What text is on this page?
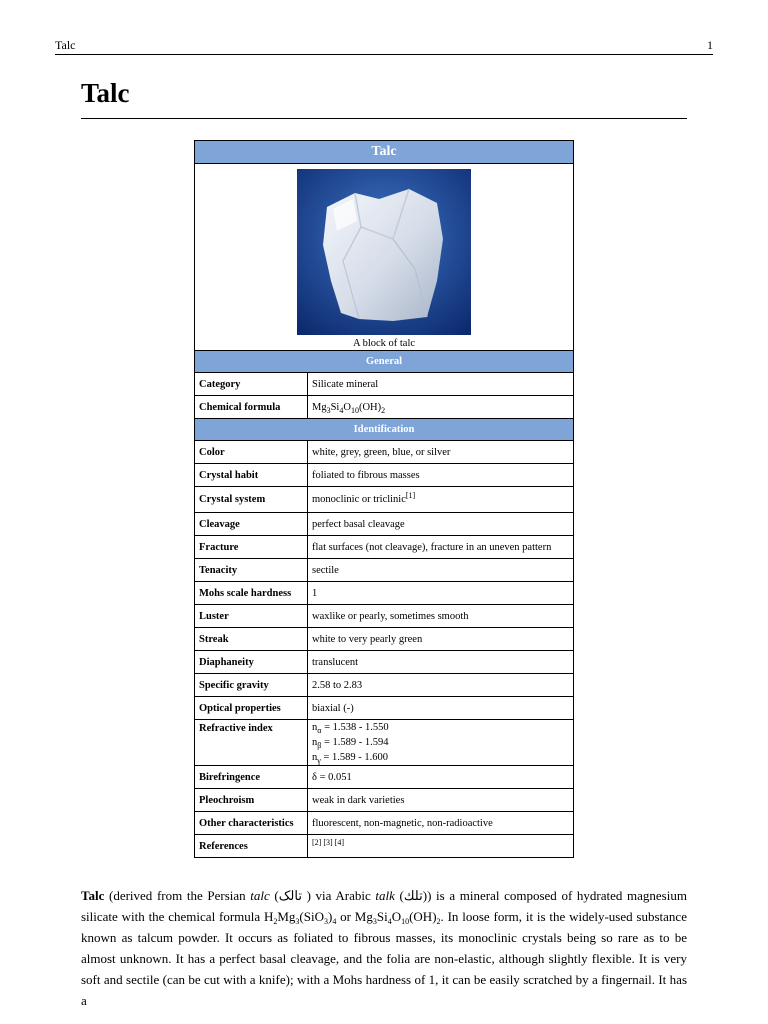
Talc	1
Talc
Talc	

A block of talc	

General	
Category	Silicate mineral
Chemical formula	$Mg_3Si_4O_{10}(OH)_2$
Identification	
Color	white, grey, green, blue, or silver
Crystal habit	foliated to fibrous masses
Crystal system	monoclinic or triclinic[1]
Cleavage	perfect basal cleavage
Fracture	flat surfaces (not cleavage), fracture in an uneven pattern
Tenacity	sectile
Mohs scale hardness	1
Luster	waxlike or pearly, sometimes smooth
Streak	white to very pearly green
Diaphaneity	translucent
Specific gravity	2.58 to 2.83
Optical properties	biaxial (-)
Refractive index	$n_\alpha = 1.538 - 1.550$
$n_\beta = 1.589 - 1.594$
$n_\gamma = 1.589 - 1.600$

Birefringence	δ = 0.051
Pleochroism	weak in dark varieties
Other characteristics	fluorescent, non-magnetic, non-radioactive
References	[2] [3] [4]

Talc (derived from the Persian talc (تالک ) via Arabic talk (تلك)) is a mineral composed of hydrated magnesium silicate with the chemical formula $H_2Mg_3(SiO_3)_4$ or $Mg_3Si_4O_{10}(OH)_2$. In loose form, it is the widely-used substance known as talcum powder. It occurs as foliated to fibrous masses, its monoclinic crystals being so rare as to be almost unknown. It has a perfect basal cleavage, and the folia are non-elastic, although slightly flexible. It is very soft and sectile (can be cut with a knife); with a Mohs hardness of 1, it can be easily scratched by a fingernail. It has a
